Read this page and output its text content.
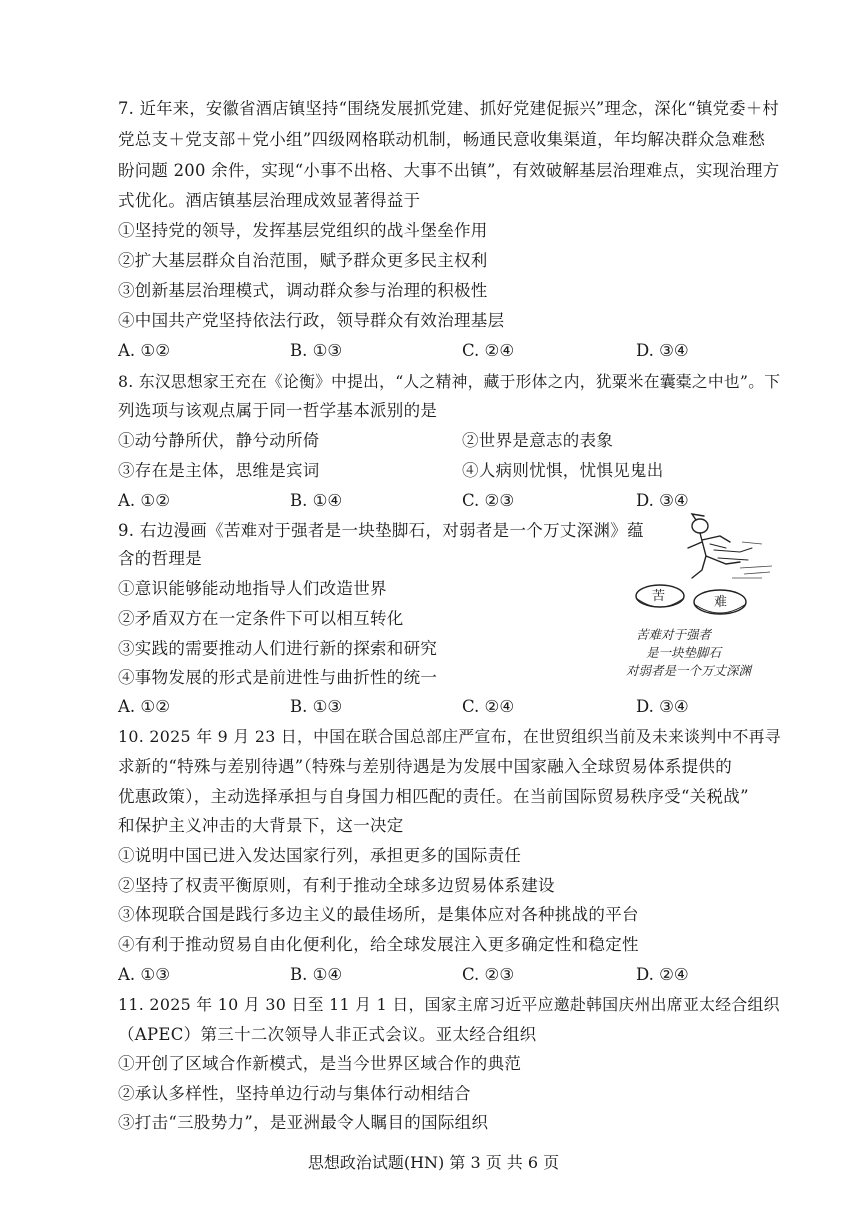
7. 近年来，安徽省酒店镇坚持“围绕发展抓党建、抓好党建促振兴”理念，深化“镇党委＋村
党总支＋党支部＋党小组”四级网格联动机制，畅通民意收集渠道，年均解决群众急难愁
盼问题 200 余件，实现“小事不出格、大事不出镇”，有效破解基层治理难点，实现治理方
式优化。酒店镇基层治理成效显著得益于
①坚持党的领导，发挥基层党组织的战斗堡垒作用
②扩大基层群众自治范围，赋予群众更多民主权利
③创新基层治理模式，调动群众参与治理的积极性
④中国共产党坚持依法行政，领导群众有效治理基层
A. ①②	B. ①③	C. ②④	D. ③④
8. 东汉思想家王充在《论衡》中提出，“人之精神，藏于形体之内，犹粟米在囊橐之中也”。下
列选项与该观点属于同一哲学基本派别的是
①动兮静所伏，静兮动所倚	②世界是意志的表象
③存在是主体，思维是宾词	④人病则忧惧，忧惧见鬼出
A. ①②	B. ①④	C. ②③	D. ③④
9. 右边漫画《苦难对于强者是一块垫脚石，对弱者是一个万丈深渊》蕴
含的哲理是
①意识能够能动地指导人们改造世界
②矛盾双方在一定条件下可以相互转化
③实践的需要推动人们进行新的探索和研究
④事物发展的形式是前进性与曲折性的统一
A. ①②	B. ①③	C. ②④	D. ③④
苦	难
苦难对于强者
是一块垫脚石
对弱者是一个万丈深渊
10. 2025 年 9 月 23 日，中国在联合国总部庄严宣布，在世贸组织当前及未来谈判中不再寻
求新的“特殊与差别待遇”（特殊与差别待遇是为发展中国家融入全球贸易体系提供的
优惠政策），主动选择承担与自身国力相匹配的责任。在当前国际贸易秩序受“关税战”
和保护主义冲击的大背景下，这一决定
①说明中国已进入发达国家行列，承担更多的国际责任
②坚持了权责平衡原则，有利于推动全球多边贸易体系建设
③体现联合国是践行多边主义的最佳场所，是集体应对各种挑战的平台
④有利于推动贸易自由化便利化，给全球发展注入更多确定性和稳定性
A. ①③	B. ①④	C. ②③	D. ②④
11. 2025 年 10 月 30 日至 11 月 1 日，国家主席习近平应邀赴韩国庆州出席亚太经合组织
（APEC）第三十二次领导人非正式会议。亚太经合组织
①开创了区域合作新模式，是当今世界区域合作的典范
②承认多样性，坚持单边行动与集体行动相结合
③打击“三股势力”，是亚洲最令人瞩目的国际组织
思想政治试题(HN) 第 3 页 共 6 页
